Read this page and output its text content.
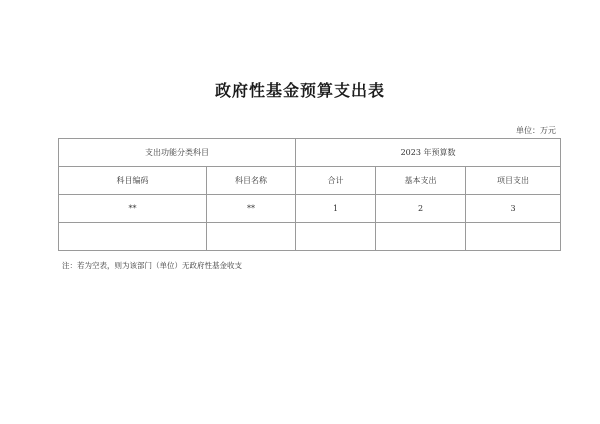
政府性基金预算支出表
单位：万元
支出功能分类科目		2023 年预算数		
科目编码	科目名称	合计	基本支出	项目支出
**	**	1	2	3

注：若为空表，则为该部门（单位）无政府性基金收支
